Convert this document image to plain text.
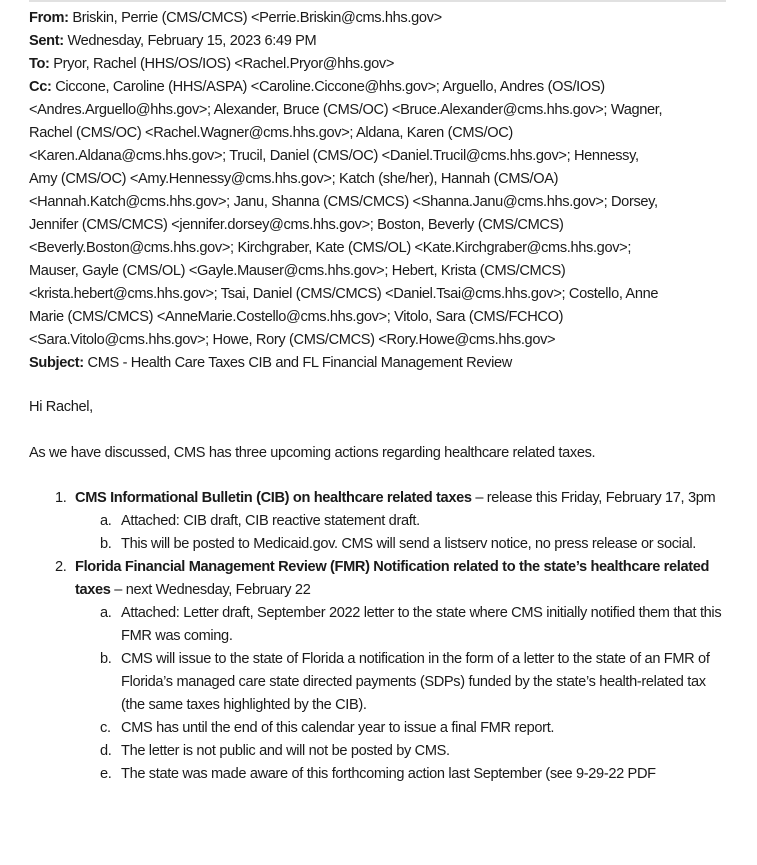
From: Briskin, Perrie (CMS/CMCS) <Perrie.Briskin@cms.hhs.gov>
Sent: Wednesday, February 15, 2023 6:49 PM
To: Pryor, Rachel (HHS/OS/IOS) <Rachel.Pryor@hhs.gov>
Cc: Ciccone, Caroline (HHS/ASPA) <Caroline.Ciccone@hhs.gov>; Arguello, Andres (OS/IOS)
<Andres.Arguello@hhs.gov>; Alexander, Bruce (CMS/OC) <Bruce.Alexander@cms.hhs.gov>; Wagner,
Rachel (CMS/OC) <Rachel.Wagner@cms.hhs.gov>; Aldana, Karen (CMS/OC)
<Karen.Aldana@cms.hhs.gov>; Trucil, Daniel (CMS/OC) <Daniel.Trucil@cms.hhs.gov>; Hennessy,
Amy (CMS/OC) <Amy.Hennessy@cms.hhs.gov>; Katch (she/her), Hannah (CMS/OA)
<Hannah.Katch@cms.hhs.gov>; Janu, Shanna (CMS/CMCS) <Shanna.Janu@cms.hhs.gov>; Dorsey,
Jennifer (CMS/CMCS) <jennifer.dorsey@cms.hhs.gov>; Boston, Beverly (CMS/CMCS)
<Beverly.Boston@cms.hhs.gov>; Kirchgraber, Kate (CMS/OL) <Kate.Kirchgraber@cms.hhs.gov>;
Mauser, Gayle (CMS/OL) <Gayle.Mauser@cms.hhs.gov>; Hebert, Krista (CMS/CMCS)
<krista.hebert@cms.hhs.gov>; Tsai, Daniel (CMS/CMCS) <Daniel.Tsai@cms.hhs.gov>; Costello, Anne
Marie (CMS/CMCS) <AnneMarie.Costello@cms.hhs.gov>; Vitolo, Sara (CMS/FCHCO)
<Sara.Vitolo@cms.hhs.gov>; Howe, Rory (CMS/CMCS) <Rory.Howe@cms.hhs.gov>
Subject: CMS - Health Care Taxes CIB and FL Financial Management Review
Hi Rachel,
As we have discussed, CMS has three upcoming actions regarding healthcare related taxes.
1. CMS Informational Bulletin (CIB) on healthcare related taxes – release this Friday, February 17, 3pm
a. Attached: CIB draft, CIB reactive statement draft.
b. This will be posted to Medicaid.gov. CMS will send a listserv notice, no press release or social.
2. Florida Financial Management Review (FMR) Notification related to the state’s healthcare related taxes – next Wednesday, February 22
a. Attached: Letter draft, September 2022 letter to the state where CMS initially notified them that this FMR was coming.
b. CMS will issue to the state of Florida a notification in the form of a letter to the state of an FMR of Florida’s managed care state directed payments (SDPs) funded by the state’s health-related tax (the same taxes highlighted by the CIB).
c. CMS has until the end of this calendar year to issue a final FMR report.
d. The letter is not public and will not be posted by CMS.
e. The state was made aware of this forthcoming action last September (see 9-29-22 PDF
